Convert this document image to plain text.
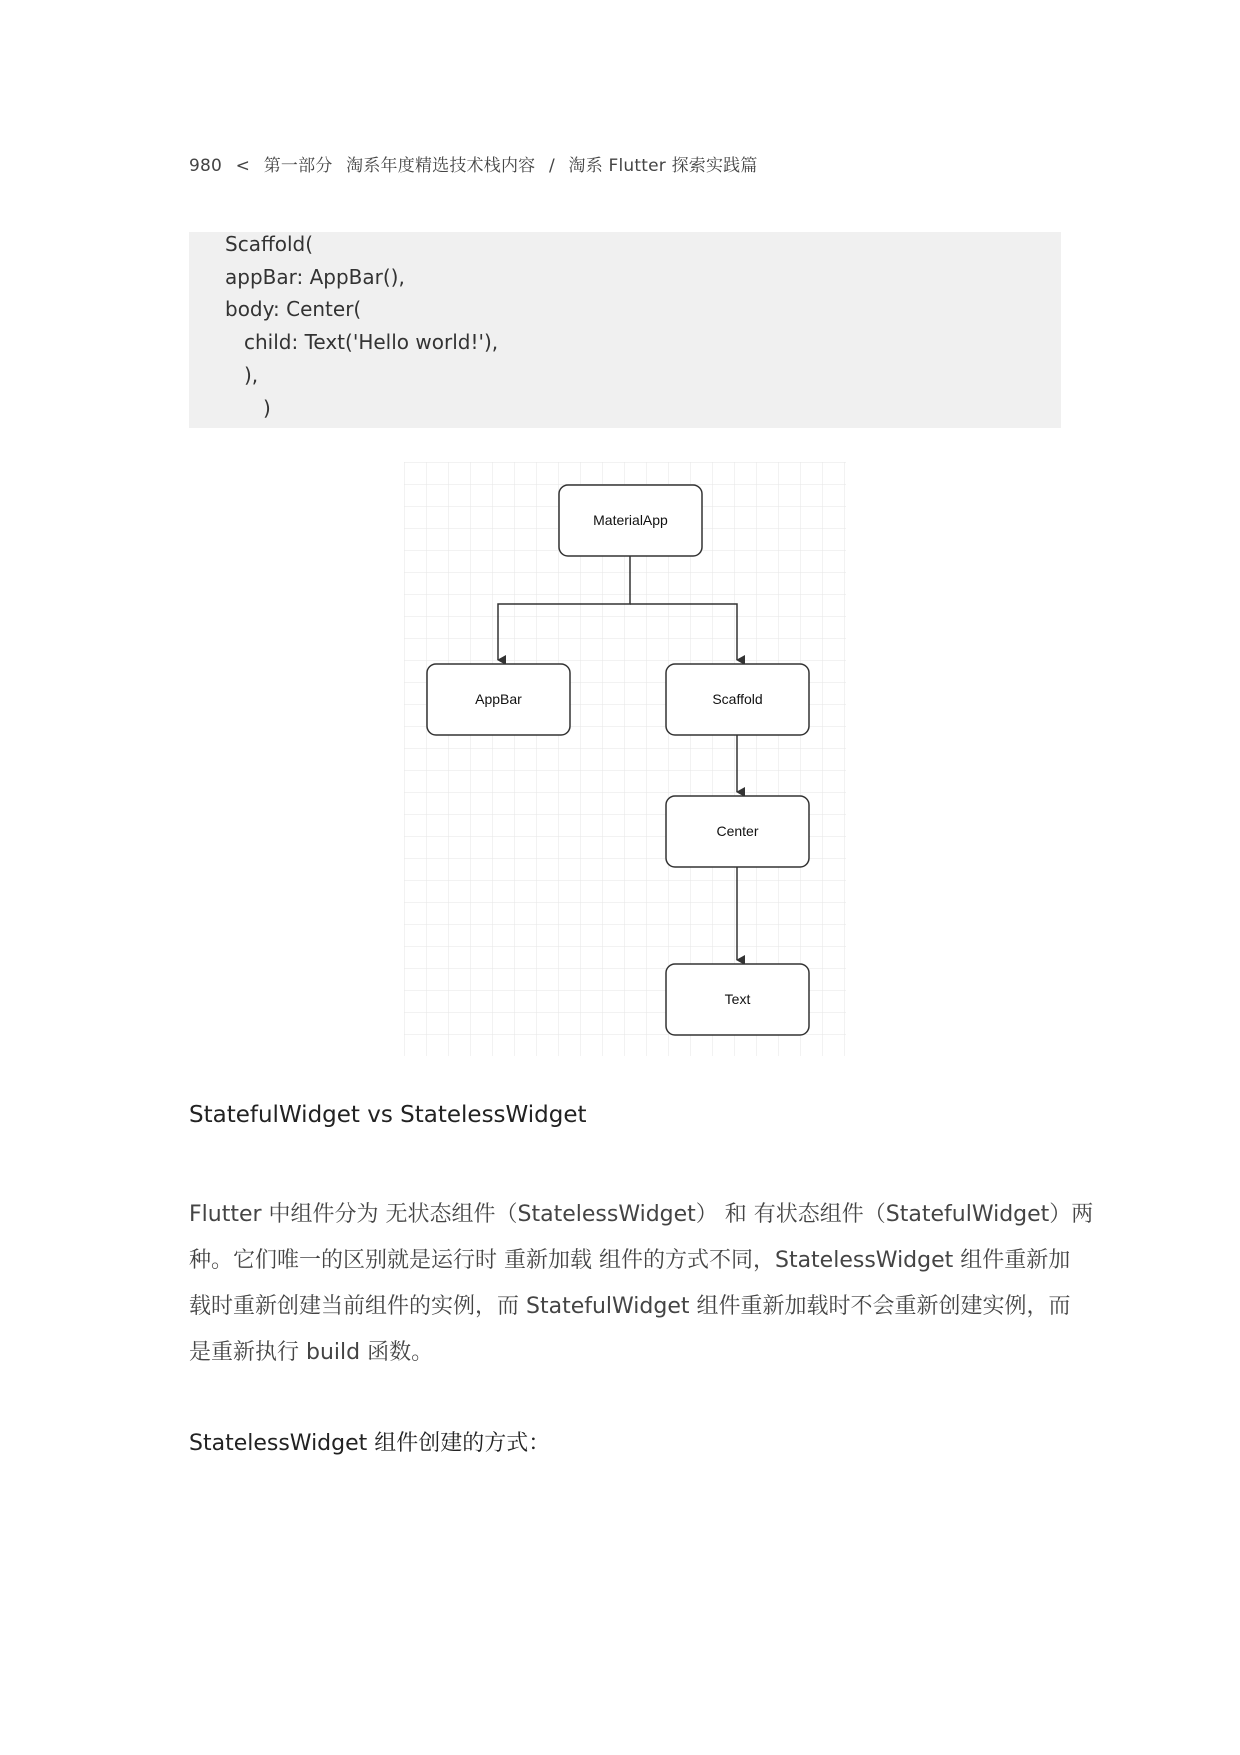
980 < 第一部分 淘系年度精选技术栈内容 / 淘系 Flutter 探索实践篇
Scaffold(
appBar: AppBar(),
body: Center(
child: Text('Hello world!'),
),
)
MaterialApp
AppBar	Scaffold
Center
Text
StatefulWidget vs StatelessWidget
Flutter 中组件分为 无状态组件（StatelessWidget） 和 有状态组件（StatefulWidget）两
种。它们唯一的区别就是运行时 重新加载 组件的方式不同，StatelessWidget 组件重新加
载时重新创建当前组件的实例，而 StatefulWidget 组件重新加载时不会重新创建实例，而
是重新执行 build 函数。
StatelessWidget 组件创建的方式：
